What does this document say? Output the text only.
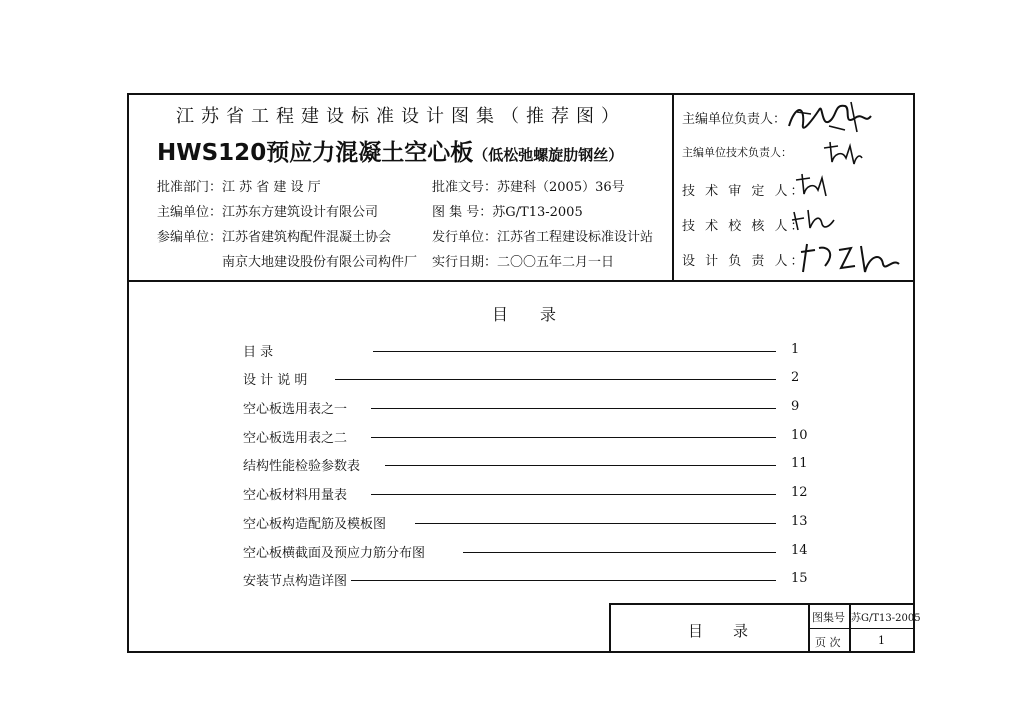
江苏省工程建设标准设计图集（推荐图）
HWS120预应力混凝土空心板（低松弛螺旋肋钢丝）
批准部门：江 苏 省 建 设 厅
主编单位：江苏东方建筑设计有限公司
参编单位：江苏省建筑构配件混凝土协会
南京大地建设股份有限公司构件厂
批准文号：苏建科（2005）36号
图 集 号：苏G/T13-2005
发行单位：江苏省工程建设标准设计站
实行日期：二〇〇五年二月一日
主编单位负责人：
主编单位技术负责人：
技 术 审 定 人：
技 术 校 核 人：
设 计 负 责 人：
目　　录
目 录	1
设 计 说 明	2
空心板选用表之一	9
空心板选用表之二	10
结构性能检验参数表	11
空心板材料用量表	12
空心板构造配筋及模板图	13
空心板横截面及预应力筋分布图	14
安装节点构造详图	15
目录
图集号 苏G/T13-2005
页 次	1
